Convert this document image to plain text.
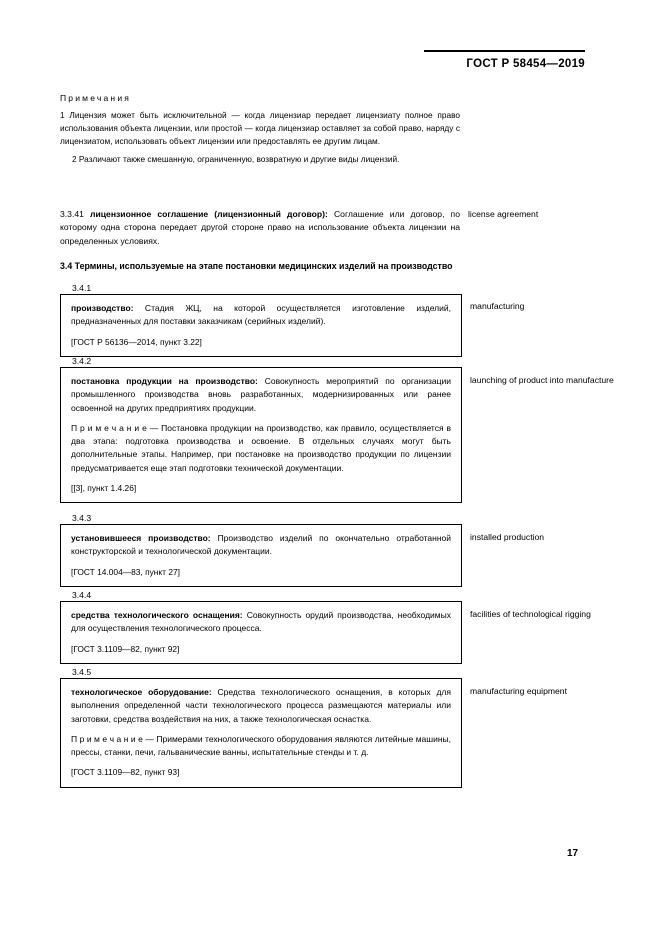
ГОСТ Р 58454—2019
Примечания

1 Лицензия может быть исключительной — когда лицензиар передает лицензиату полное право использования объекта лицензии, или простой — когда лицензиар оставляет за собой право, наряду с лицензиатом, использовать объект лицензии или предоставлять ее другим лицам.

2 Различают также смешанную, ограниченную, возвратную и другие виды лицензий.

3.3.41 лицензионное соглашение (лицензионный договор): Соглашение или договор, по которому одна сторона передает другой стороне право на использование объекта лицензии на определенных условиях.
license agreement
3.4 Термины, используемые на этапе постановки медицинских изделий на производство
3.4.1

производство: Стадия ЖЦ, на которой осуществляется изготовление изделий, предназначенных для поставки заказчикам (серийных изделий).

[ГОСТ Р 56136—2014, пункт 3.22]

manufacturing
3.4.2

постановка продукции на производство: Совокупность мероприятий по организации промышленного производства вновь разработанных, модернизированных или ранее освоенной на других предприятиях продукции.

П р и м е ч а н и е — Постановка продукции на производство, как правило, осуществляется в два этапа: подготовка производства и освоение. В отдельных случаях могут быть дополнительные этапы. Например, при постановке на производство продукции по лицензии предусматривается еще этап подготовки технической документации.

[[3], пункт 1.4.26]

launching of product into manufacture
3.4.3

установившееся производство: Производство изделий по окончательно отработанной конструкторской и технологической документации.

[ГОСТ 14.004—83, пункт 27]

installed production
3.4.4

средства технологического оснащения: Совокупность орудий производства, необходимых для осуществления технологического процесса.

[ГОСТ 3.1109—82, пункт 92]

facilities of technological rigging
3.4.5

технологическое оборудование: Средства технологического оснащения, в которых для выполнения определенной части технологического процесса размещаются материалы или заготовки, средства воздействия на них, а также технологическая оснастка.

П р и м е ч а н и е — Примерами технологического оборудования являются литейные машины, прессы, станки, печи, гальванические ванны, испытательные стенды и т. д.

[ГОСТ 3.1109—82, пункт 93]

manufacturing equipment
17
